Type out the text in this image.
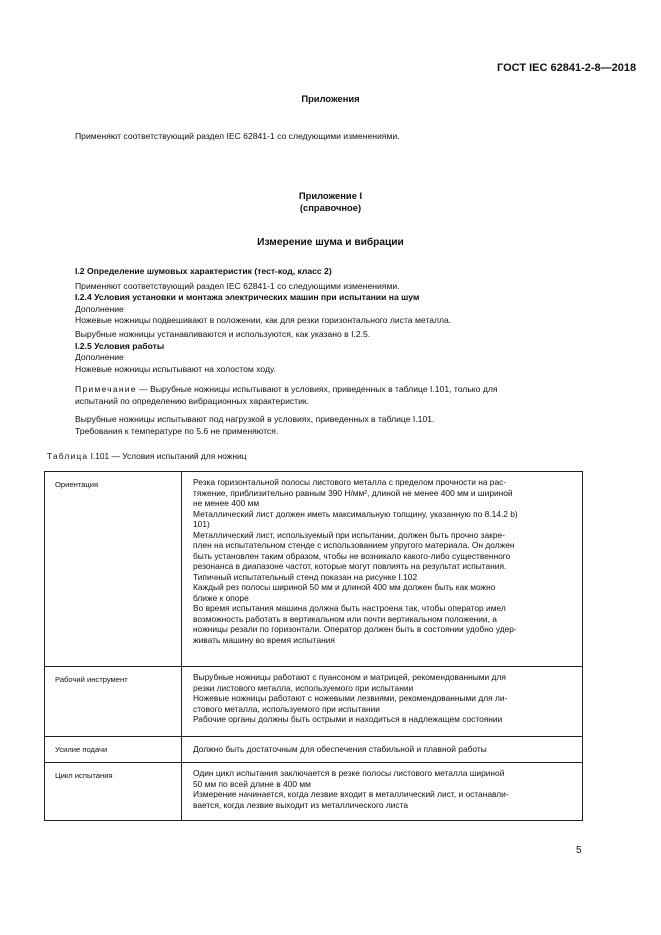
ГОСТ IEC 62841-2-8—2018
Приложения
Применяют соответствующий раздел IEC 62841-1 со следующими изменениями.
Приложение I
(справочное)
Измерение шума и вибрации
I.2 Определение шумовых характеристик (тест-код, класс 2)
Применяют соответствующий раздел IEC 62841-1 со следующими изменениями.
I.2.4 Условия установки и монтажа электрических машин при испытании на шум
Дополнение
Ножевые ножницы подвешивают в положении, как для резки горизонтального листа металла.
Вырубные ножницы устанавливаются и используются, как указано в I.2.5.
I.2.5 Условия работы
Дополнение
Ножевые ножницы испытывают на холостом ходу.
Примечание — Вырубные ножницы испытывают в условиях, приведенных в таблице I.101, только для
испытаний по определению вибрационных характеристик.
Вырубные ножницы испытывают под нагрузкой в условиях, приведенных в таблице I.101.
Требования к температуре по 5.6 не применяются.
Таблица I.101 — Условия испытаний для ножниц
Ориентация	Резка горизонтальной полосы листового металла с пределом прочности на рас-
тяжение, приблизительно равным 390 Н/мм², длиной не менее 400 мм и шириной
не менее 400 мм
Металлический лист должен иметь максимальную толщину, указанную по 8.14.2 b)
101)
Металлический лист, используемый при испытании, должен быть прочно закре-
плен на испытательном стенде с использованием упругого материала. Он должен
быть установлен таким образом, чтобы не возникало какого-либо существенного
резонанса в диапазоне частот, которые могут повлиять на результат испытания.
Типичный испытательный стенд показан на рисунке I.102
Каждый рез полосы шириной 50 мм и длиной 400 мм должен быть как можно
ближе к опоре
Во время испытания машина должна быть настроена так, чтобы оператор имел
возможность работать в вертикальном или почти вертикальном положении, а
ножницы резали по горизонтали. Оператор должен быть в состоянии удобно удер-
живать машину во время испытания
Рабочий инструмент	Вырубные ножницы работают с пуансоном и матрицей, рекомендованными для
резки листового металла, используемого при испытании
Ножевые ножницы работают с ножевыми лезвиями, рекомендованными для ли-
стового металла, используемого при испытании
Рабочие органы должны быть острыми и находиться в надлежащем состоянии
Усилие подачи	Должно быть достаточным для обеспечения стабильной и плавной работы
Цикл испытания	Один цикл испытания заключается в резке полосы листового металла шириной
50 мм по всей длине в 400 мм
Измерение начинается, когда лезвие входит в металлический лист, и останавли-
вается, когда лезвие выходит из металлического листа
5
